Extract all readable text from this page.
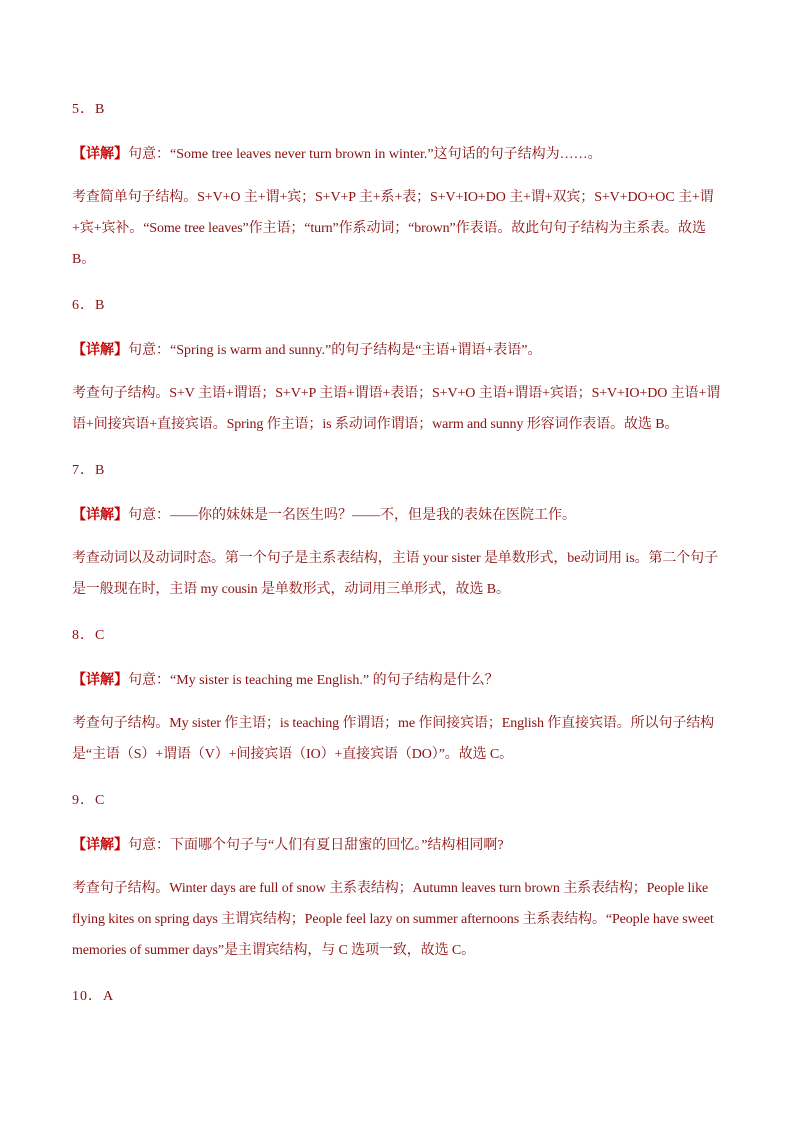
5．B
【详解】句意：“Some tree leaves never turn brown in winter.”这句话的句子结构为……。
考查简单句子结构。S+V+O 主+谓+宾；S+V+P 主+系+表；S+V+IO+DO 主+谓+双宾；S+V+DO+OC 主+谓+宾+宾补。“Some tree leaves”作主语；“turn”作系动词；“brown”作表语。故此句句子结构为主系表。故选B。
6．B
【详解】句意：“Spring is warm and sunny.”的句子结构是“主语+谓语+表语”。
考查句子结构。S+V 主语+谓语；S+V+P 主语+谓语+表语；S+V+O 主语+谓语+宾语；S+V+IO+DO 主语+谓语+间接宾语+直接宾语。Spring 作主语；is 系动词作谓语；warm and sunny 形容词作表语。故选 B。
7．B
【详解】句意：——你的妹妹是一名医生吗？——不，但是我的表妹在医院工作。
考查动词以及动词时态。第一个句子是主系表结构，主语 your sister 是单数形式，be动词用 is。第二个句子是一般现在时，主语 my cousin 是单数形式，动词用三单形式，故选 B。
8．C
【详解】句意：“My sister is teaching me English.” 的句子结构是什么？
考查句子结构。My sister 作主语；is teaching 作谓语；me 作间接宾语；English 作直接宾语。所以句子结构是“主语（S）+谓语（V）+间接宾语（IO）+直接宾语（DO）”。故选 C。
9．C
【详解】句意：下面哪个句子与“人们有夏日甜蜜的回忆。”结构相同啊?
考查句子结构。Winter days are full of snow 主系表结构；Autumn leaves turn brown 主系表结构；People like flying kites on spring days 主谓宾结构；People feel lazy on summer afternoons 主系表结构。“People have sweet memories of summer days”是主谓宾结构，与 C 选项一致，故选 C。
10．A
